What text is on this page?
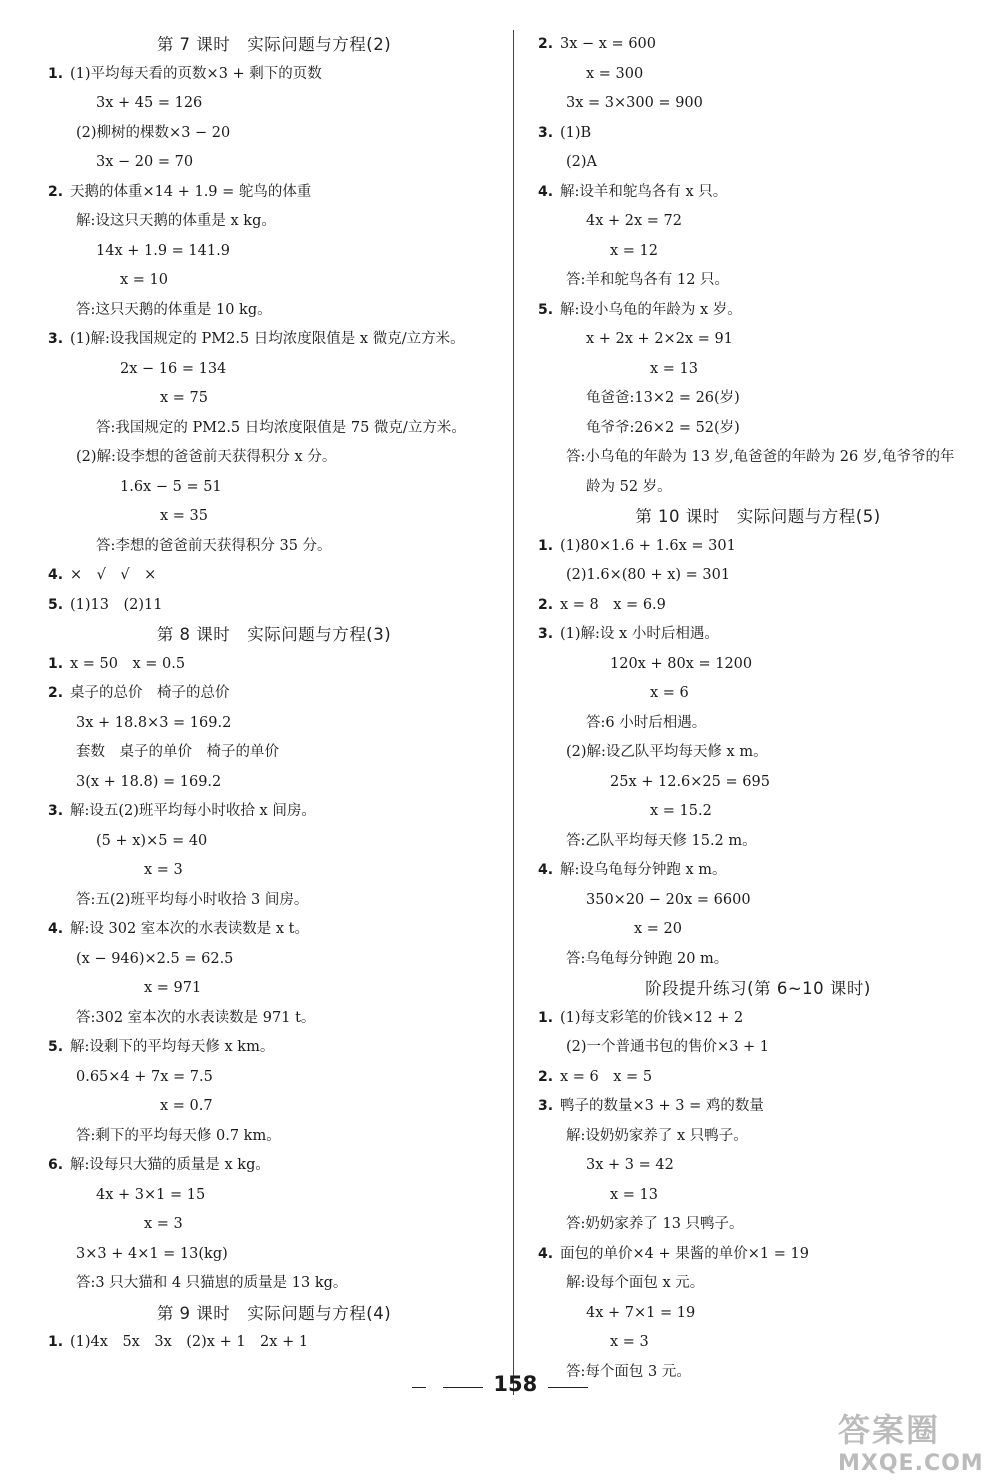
第 7 课时　实际问题与方程(2)
1. (1)平均每天看的页数×3 + 剩下的页数
3x + 45 = 126
(2)柳树的棵数×3 − 20
3x − 20 = 70
2. 天鹅的体重×14 + 1.9 = 鸵鸟的体重
解:设这只天鹅的体重是 x kg。
14x + 1.9 = 141.9
x = 10
答:这只天鹅的体重是 10 kg。
3. (1)解:设我国规定的 PM2.5 日均浓度限值是 x 微克/立方米。
2x − 16 = 134
x = 75
答:我国规定的 PM2.5 日均浓度限值是 75 微克/立方米。
(2)解:设李想的爸爸前天获得积分 x 分。
1.6x − 5 = 51
x = 35
答:李想的爸爸前天获得积分 35 分。
4. ×　√　√　×
5. (1)13　(2)11
第 8 课时　实际问题与方程(3)
1. x = 50　x = 0.5
2. 桌子的总价　椅子的总价
3x + 18.8×3 = 169.2
套数　桌子的单价　椅子的单价
3(x + 18.8) = 169.2
3. 解:设五(2)班平均每小时收拾 x 间房。
(5 + x)×5 = 40
x = 3
答:五(2)班平均每小时收拾 3 间房。
4. 解:设 302 室本次的水表读数是 x t。
(x − 946)×2.5 = 62.5
x = 971
答:302 室本次的水表读数是 971 t。
5. 解:设剩下的平均每天修 x km。
0.65×4 + 7x = 7.5
x = 0.7
答:剩下的平均每天修 0.7 km。
6. 解:设每只大猫的质量是 x kg。
4x + 3×1 = 15
x = 3
3×3 + 4×1 = 13(kg)
答:3 只大猫和 4 只猫崽的质量是 13 kg。
第 9 课时　实际问题与方程(4)
1. (1)4x　5x　3x　(2)x + 1　2x + 1
2. 3x − x = 600
x = 300
3x = 3×300 = 900
3. (1)B
(2)A
4. 解:设羊和鸵鸟各有 x 只。
4x + 2x = 72
x = 12
答:羊和鸵鸟各有 12 只。
5. 解:设小乌龟的年龄为 x 岁。
x + 2x + 2×2x = 91
x = 13
龟爸爸:13×2 = 26(岁)
龟爷爷:26×2 = 52(岁)
答:小乌龟的年龄为 13 岁,龟爸爸的年龄为 26 岁,龟爷爷的年
龄为 52 岁。
第 10 课时　实际问题与方程(5)
1. (1)80×1.6 + 1.6x = 301
(2)1.6×(80 + x) = 301
2. x = 8　x = 6.9
3. (1)解:设 x 小时后相遇。
120x + 80x = 1200
x = 6
答:6 小时后相遇。
(2)解:设乙队平均每天修 x m。
25x + 12.6×25 = 695
x = 15.2
答:乙队平均每天修 15.2 m。
4. 解:设乌龟每分钟跑 x m。
350×20 − 20x = 6600
x = 20
答:乌龟每分钟跑 20 m。
阶段提升练习(第 6~10 课时)
1. (1)每支彩笔的价钱×12 + 2
(2)一个普通书包的售价×3 + 1
2. x = 6　x = 5
3. 鸭子的数量×3 + 3 = 鸡的数量
解:设奶奶家养了 x 只鸭子。
3x + 3 = 42
x = 13
答:奶奶家养了 13 只鸭子。
4. 面包的单价×4 + 果酱的单价×1 = 19
解:设每个面包 x 元。
4x + 7×1 = 19
x = 3
答:每个面包 3 元。
158
答案圈
MXQE.COM
